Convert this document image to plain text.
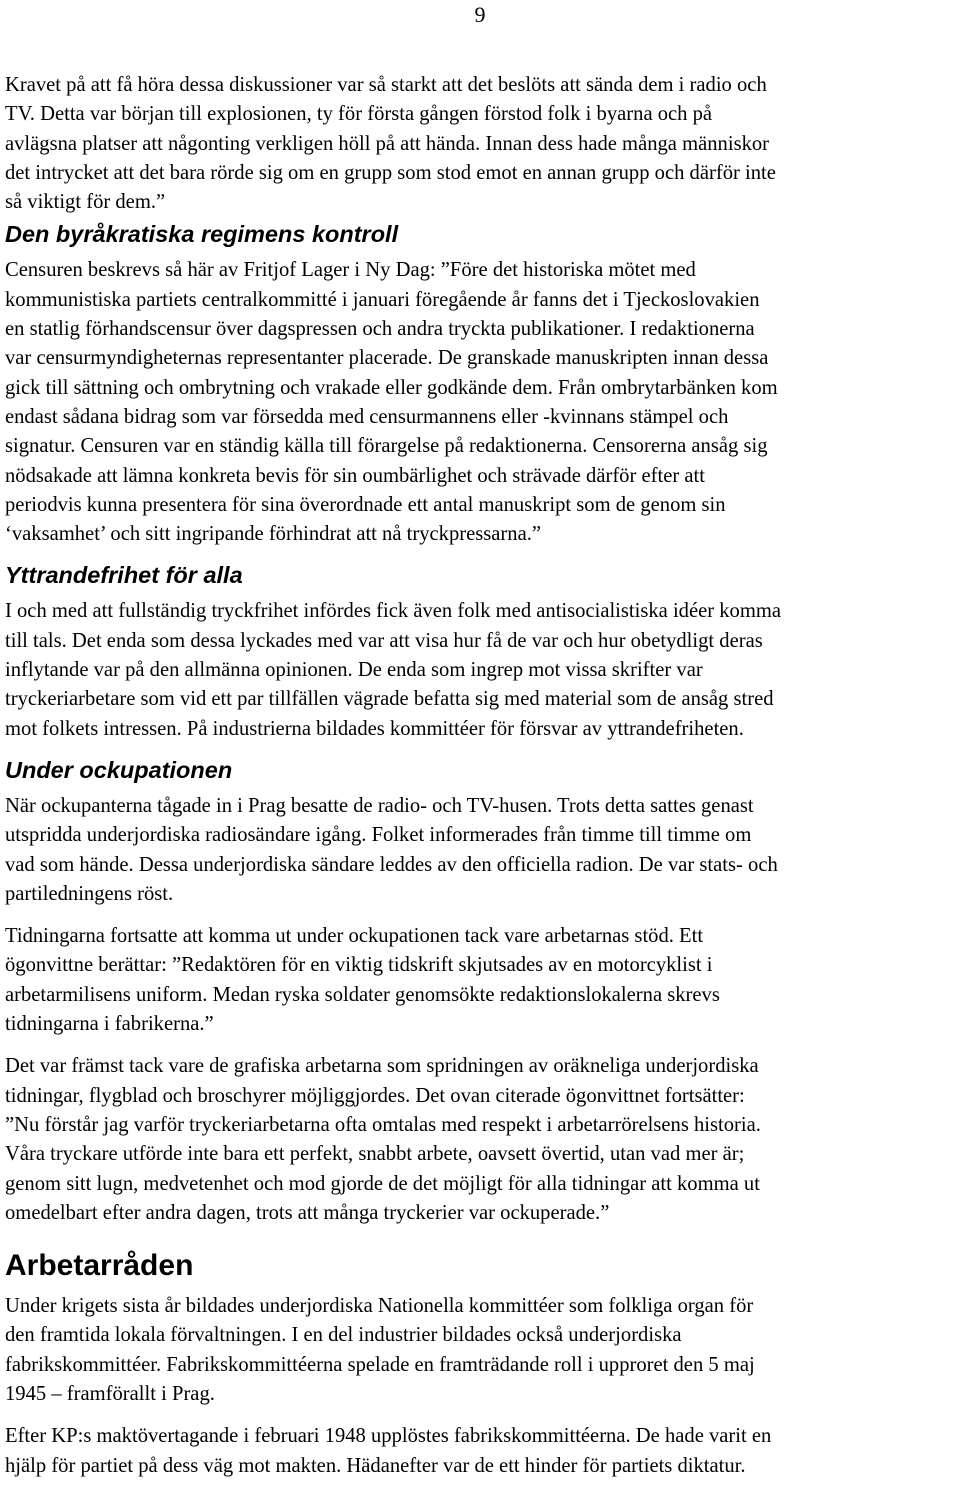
9

Kravet på att få höra dessa diskussioner var så starkt att det beslöts att sända dem i radio och
TV. Detta var början till explosionen, ty för första gången förstod folk i byarna och på
avlägsna platser att någonting verkligen höll på att hända. Innan dess hade många människor
det intrycket att det bara rörde sig om en grupp som stod emot en annan grupp och därför inte
så viktigt för dem.”

Den byråkratiska regimens kontroll

Censuren beskrevs så här av Fritjof Lager i Ny Dag: ”Före det historiska mötet med
kommunistiska partiets centralkommitté i januari föregående år fanns det i Tjeckoslovakien
en statlig förhandscensur över dagspressen och andra tryckta publikationer. I redaktionerna
var censurmyndigheternas representanter placerade. De granskade manuskripten innan dessa
gick till sättning och ombrytning och vrakade eller godkände dem. Från ombrytarbänken kom
endast sådana bidrag som var försedda med censurmannens eller -kvinnans stämpel och
signatur. Censuren var en ständig källa till förargelse på redaktionerna. Censorerna ansåg sig
nödsakade att lämna konkreta bevis för sin oumbärlighet och strävade därför efter att
periodvis kunna presentera för sina överordnade ett antal manuskript som de genom sin
‘vaksamhet’ och sitt ingripande förhindrat att nå tryckpressarna.”

Yttrandefrihet för alla

I och med att fullständig tryckfrihet infördes fick även folk med antisocialistiska idéer komma
till tals. Det enda som dessa lyckades med var att visa hur få de var och hur obetydligt deras
inflytande var på den allmänna opinionen. De enda som ingrep mot vissa skrifter var
tryckeriarbetare som vid ett par tillfällen vägrade befatta sig med material som de ansåg stred
mot folkets intressen. På industrierna bildades kommittéer för försvar av yttrandefriheten.

Under ockupationen

När ockupanterna tågade in i Prag besatte de radio- och TV-husen. Trots detta sattes genast
utspridda underjordiska radiosändare igång. Folket informerades från timme till timme om
vad som hände. Dessa underjordiska sändare leddes av den officiella radion. De var stats- och
partiledningens röst.

Tidningarna fortsatte att komma ut under ockupationen tack vare arbetarnas stöd. Ett
ögonvittne berättar: ”Redaktören för en viktig tidskrift skjutsades av en motorcyklist i
arbetarmilisens uniform. Medan ryska soldater genomsökte redaktionslokalerna skrevs
tidningarna i fabrikerna.”

Det var främst tack vare de grafiska arbetarna som spridningen av oräkneliga underjordiska
tidningar, flygblad och broschyrer möjliggjordes. Det ovan citerade ögonvittnet fortsätter:
”Nu förstår jag varför tryckeriarbetarna ofta omtalas med respekt i arbetarrörelsens historia.
Våra tryckare utförde inte bara ett perfekt, snabbt arbete, oavsett övertid, utan vad mer är;
genom sitt lugn, medvetenhet och mod gjorde de det möjligt för alla tidningar att komma ut
omedelbart efter andra dagen, trots att många tryckerier var ockuperade.”

Arbetarråden

Under krigets sista år bildades underjordiska Nationella kommittéer som folkliga organ för
den framtida lokala förvaltningen. I en del industrier bildades också underjordiska
fabrikskommittéer. Fabrikskommittéerna spelade en framträdande roll i upproret den 5 maj
1945 – framförallt i Prag.

Efter KP:s maktövertagande i februari 1948 upplöstes fabrikskommittéerna. De hade varit en
hjälp för partiet på dess väg mot makten. Hädanefter var de ett hinder för partiets diktatur.
